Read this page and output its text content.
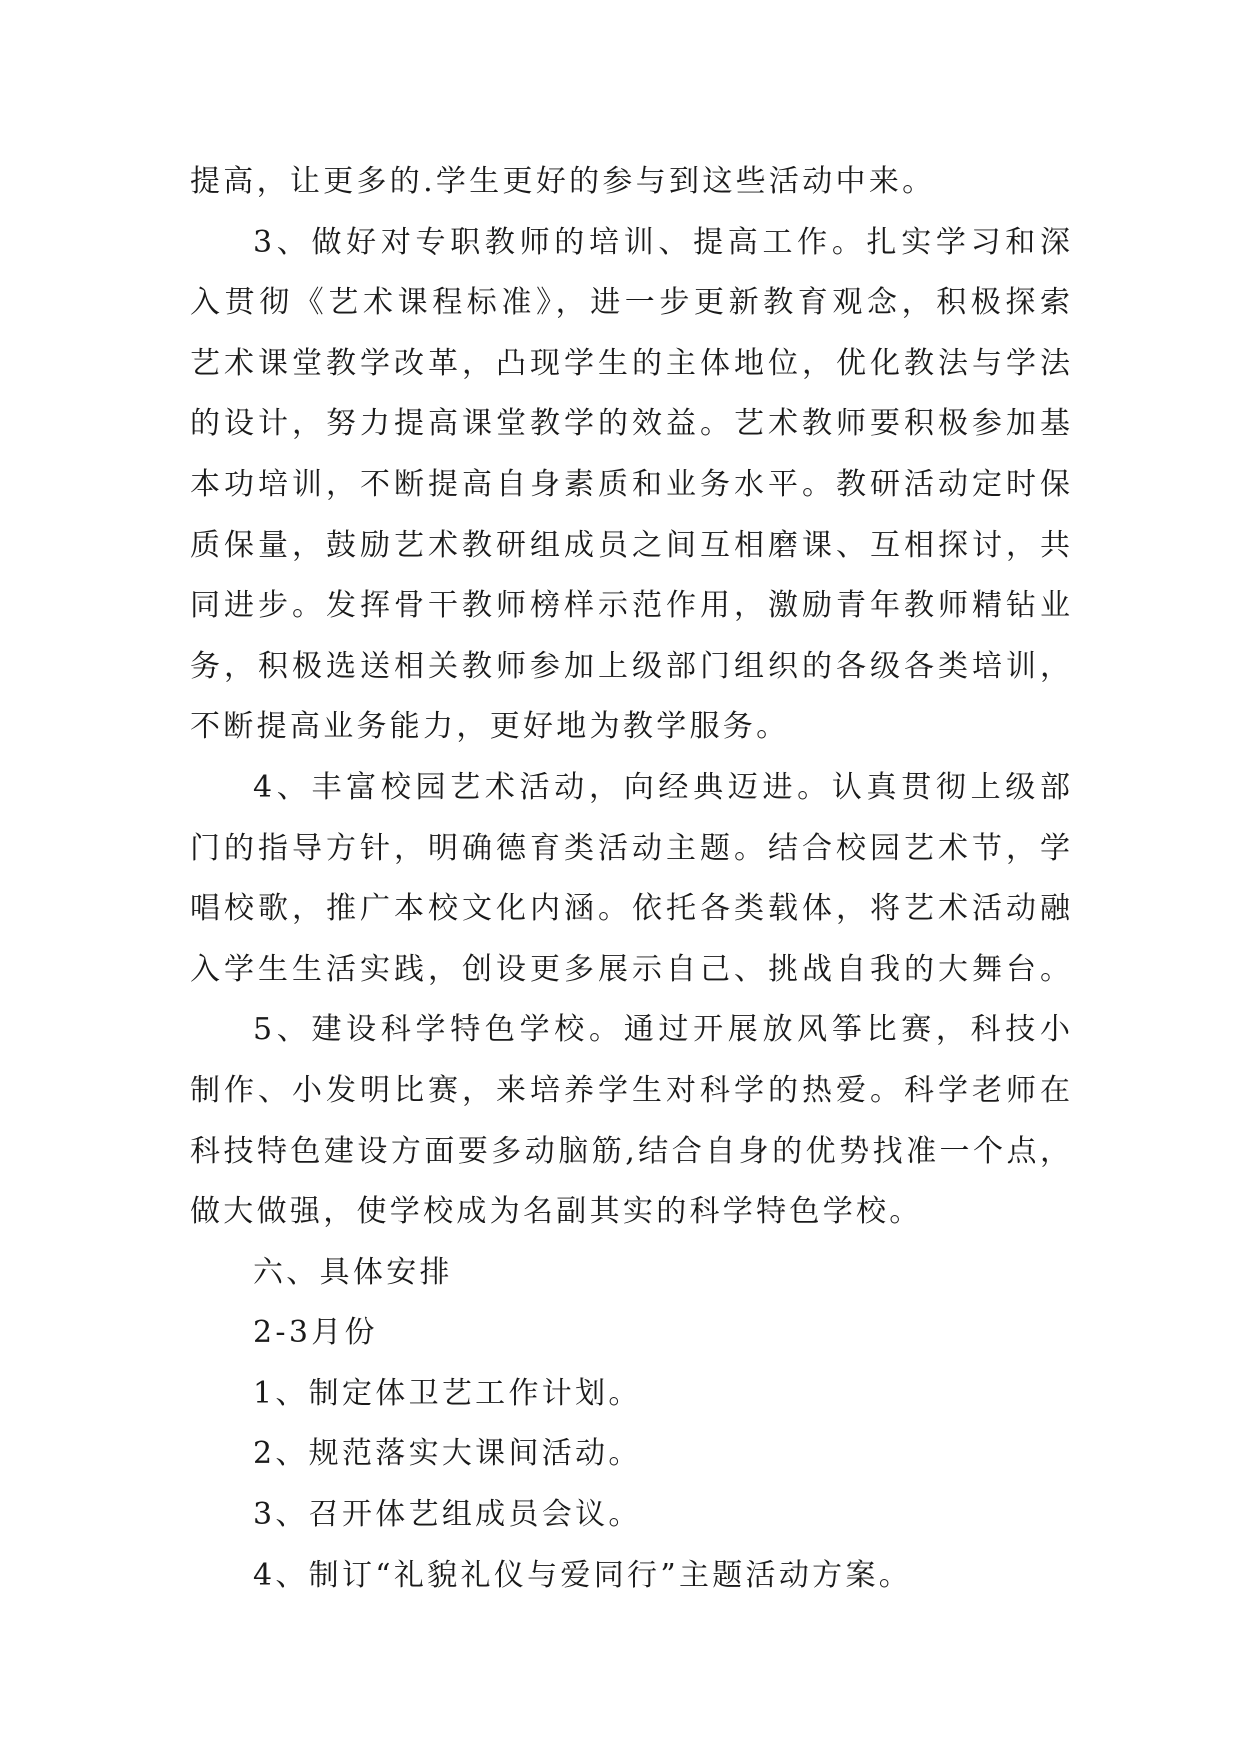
提高，让更多的.学生更好的参与到这些活动中来。
3、做好对专职教师的培训、提高工作。扎实学习和深
入贯彻《艺术课程标准》，进一步更新教育观念，积极探索
艺术课堂教学改革，凸现学生的主体地位，优化教法与学法
的设计，努力提高课堂教学的效益。艺术教师要积极参加基
本功培训，不断提高自身素质和业务水平。教研活动定时保
质保量，鼓励艺术教研组成员之间互相磨课、互相探讨，共
同进步。发挥骨干教师榜样示范作用，激励青年教师精钻业
务，积极选送相关教师参加上级部门组织的各级各类培训，
不断提高业务能力，更好地为教学服务。
4、丰富校园艺术活动，向经典迈进。认真贯彻上级部
门的指导方针，明确德育类活动主题。结合校园艺术节，学
唱校歌，推广本校文化内涵。依托各类载体，将艺术活动融
入学生生活实践，创设更多展示自己、挑战自我的大舞台。
5、建设科学特色学校。通过开展放风筝比赛，科技小
制作、小发明比赛，来培养学生对科学的热爱。科学老师在
科技特色建设方面要多动脑筋,结合自身的优势找准一个点，
做大做强，使学校成为名副其实的科学特色学校。
六、具体安排
2-3月份
1、制定体卫艺工作计划。
2、规范落实大课间活动。
3、召开体艺组成员会议。
4、制订“礼貌礼仪与爱同行”主题活动方案。
